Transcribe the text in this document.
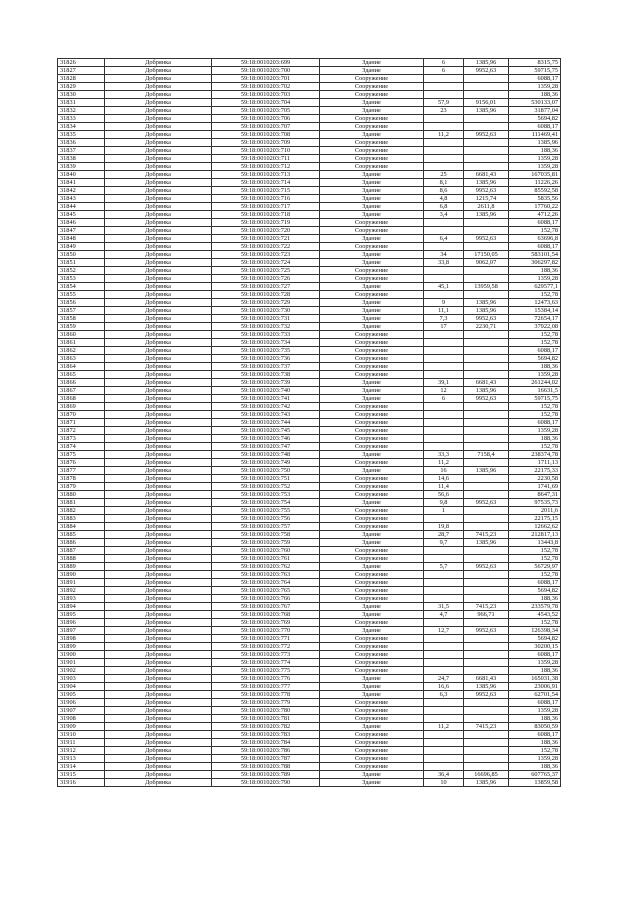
31826	Добрянка	59:18:0010203:699	Здание	6	1385,96	8315,75
31827	Добрянка	59:18:0010203:700	Здание	6	9952,63	59715,75
31828	Добрянка	59:18:0010203:701	Сооружение			6088,17
31829	Добрянка	59:18:0010203:702	Сооружение			1359,28
31830	Добрянка	59:18:0010203:703	Сооружение			188,36
31831	Добрянка	59:18:0010203:704	Здание	57,9	9156,01	530133,07
31832	Добрянка	59:18:0010203:705	Здание	23	1385,96	31877,04
31833	Добрянка	59:18:0010203:706	Сооружение			5694,82
31834	Добрянка	59:18:0010203:707	Сооружение			6088,17
31835	Добрянка	59:18:0010203:708	Здание	11,2	9952,63	111469,41
31836	Добрянка	59:18:0010203:709	Сооружение			1385,96
31837	Добрянка	59:18:0010203:710	Сооружение			188,36
31838	Добрянка	59:18:0010203:711	Сооружение			1359,28
31839	Добрянка	59:18:0010203:712	Сооружение			1359,28
31840	Добрянка	59:18:0010203:713	Здание	25	6681,43	167035,81
31841	Добрянка	59:18:0010203:714	Здание	8,1	1385,96	11226,26
31842	Добрянка	59:18:0010203:715	Здание	8,6	9952,63	85592,58
31843	Добрянка	59:18:0010203:716	Здание	4,8	1215,74	5835,56
31844	Добрянка	59:18:0010203:717	Здание	6,8	2611,8	17760,22
31845	Добрянка	59:18:0010203:718	Здание	3,4	1385,96	4712,26
31846	Добрянка	59:18:0010203:719	Сооружение			6088,17
31847	Добрянка	59:18:0010203:720	Сооружение			152,78
31848	Добрянка	59:18:0010203:721	Здание	6,4	9952,63	63696,8
31849	Добрянка	59:18:0010203:722	Сооружение			6088,17
31850	Добрянка	59:18:0010203:723	Здание	34	17150,05	583101,54
31851	Добрянка	59:18:0010203:724	Здание	33,8	9062,07	306297,82
31852	Добрянка	59:18:0010203:725	Сооружение			188,36
31853	Добрянка	59:18:0010203:726	Сооружение			1359,28
31854	Добрянка	59:18:0010203:727	Здание	45,1	13959,58	629577,1
31855	Добрянка	59:18:0010203:728	Сооружение			152,78
31856	Добрянка	59:18:0010203:729	Здание	9	1385,96	12473,63
31857	Добрянка	59:18:0010203:730	Здание	11,1	1385,96	15384,14
31858	Добрянка	59:18:0010203:731	Здание	7,3	9952,63	72654,17
31859	Добрянка	59:18:0010203:732	Здание	17	2230,71	37922,08
31860	Добрянка	59:18:0010203:733	Сооружение			152,78
31861	Добрянка	59:18:0010203:734	Сооружение			152,78
31862	Добрянка	59:18:0010203:735	Сооружение			6088,17
31863	Добрянка	59:18:0010203:736	Сооружение			5694,82
31864	Добрянка	59:18:0010203:737	Сооружение			188,36
31865	Добрянка	59:18:0010203:738	Сооружение			1359,28
31866	Добрянка	59:18:0010203:739	Здание	39,1	6681,43	261244,02
31867	Добрянка	59:18:0010203:740	Здание	12	1385,96	16631,5
31868	Добрянка	59:18:0010203:741	Здание	6	9952,63	59715,75
31869	Добрянка	59:18:0010203:742	Сооружение			152,78
31870	Добрянка	59:18:0010203:743	Сооружение			152,78
31871	Добрянка	59:18:0010203:744	Сооружение			6088,17
31872	Добрянка	59:18:0010203:745	Сооружение			1359,28
31873	Добрянка	59:18:0010203:746	Сооружение			188,36
31874	Добрянка	59:18:0010203:747	Сооружение			152,78
31875	Добрянка	59:18:0010203:748	Здание	33,3	7158,4	238374,78
31876	Добрянка	59:18:0010203:749	Сооружение	11,2		1711,13
31877	Добрянка	59:18:0010203:750	Здание	16	1385,96	22175,33
31878	Добрянка	59:18:0010203:751	Сооружение	14,6		2230,58
31879	Добрянка	59:18:0010203:752	Сооружение	11,4		1741,69
31880	Добрянка	59:18:0010203:753	Сооружение	56,6		8647,31
31881	Добрянка	59:18:0010203:754	Здание	9,8	9952,63	97535,73
31882	Добрянка	59:18:0010203:755	Сооружение	1		2011,6
31883	Добрянка	59:18:0010203:756	Сооружение			22175,15
31884	Добрянка	59:18:0010203:757	Сооружение	19,8		12662,62
31885	Добрянка	59:18:0010203:758	Здание	28,7	7415,23	212817,13
31886	Добрянка	59:18:0010203:759	Здание	9,7	1385,96	13443,8
31887	Добрянка	59:18:0010203:760	Сооружение			152,78
31888	Добрянка	59:18:0010203:761	Сооружение			152,78
31889	Добрянка	59:18:0010203:762	Здание	5,7	9952,63	56729,97
31890	Добрянка	59:18:0010203:763	Сооружение			152,78
31891	Добрянка	59:18:0010203:764	Сооружение			6088,17
31892	Добрянка	59:18:0010203:765	Сооружение			5694,82
31893	Добрянка	59:18:0010203:766	Сооружение			188,36
31894	Добрянка	59:18:0010203:767	Здание	31,5	7415,23	233579,78
31895	Добрянка	59:18:0010203:768	Здание	4,7	966,71	4543,52
31896	Добрянка	59:18:0010203:769	Сооружение			152,78
31897	Добрянка	59:18:0010203:770	Здание	12,7	9952,63	126398,34
31898	Добрянка	59:18:0010203:771	Сооружение			5694,82
31899	Добрянка	59:18:0010203:772	Сооружение			30200,15
31900	Добрянка	59:18:0010203:773	Сооружение			6088,17
31901	Добрянка	59:18:0010203:774	Сооружение			1359,28
31902	Добрянка	59:18:0010203:775	Сооружение			188,36
31903	Добрянка	59:18:0010203:776	Здание	24,7	6681,43	165031,38
31904	Добрянка	59:18:0010203:777	Здание	16,6	1385,96	23006,91
31905	Добрянка	59:18:0010203:778	Здание	6,3	9952,63	62701,54
31906	Добрянка	59:18:0010203:779	Сооружение			6088,17
31907	Добрянка	59:18:0010203:780	Сооружение			1359,28
31908	Добрянка	59:18:0010203:781	Сооружение			188,36
31909	Добрянка	59:18:0010203:782	Здание	11,2	7415,23	83050,59
31910	Добрянка	59:18:0010203:783	Сооружение			6088,17
31911	Добрянка	59:18:0010203:784	Сооружение			188,36
31912	Добрянка	59:18:0010203:786	Сооружение			152,78
31913	Добрянка	59:18:0010203:787	Сооружение			1359,28
31914	Добрянка	59:18:0010203:788	Сооружение			188,36
31915	Добрянка	59:18:0010203:789	Здание	36,4	16696,85	607765,37
31916	Добрянка	59:18:0010203:790	Здание	10	1385,96	13859,58
